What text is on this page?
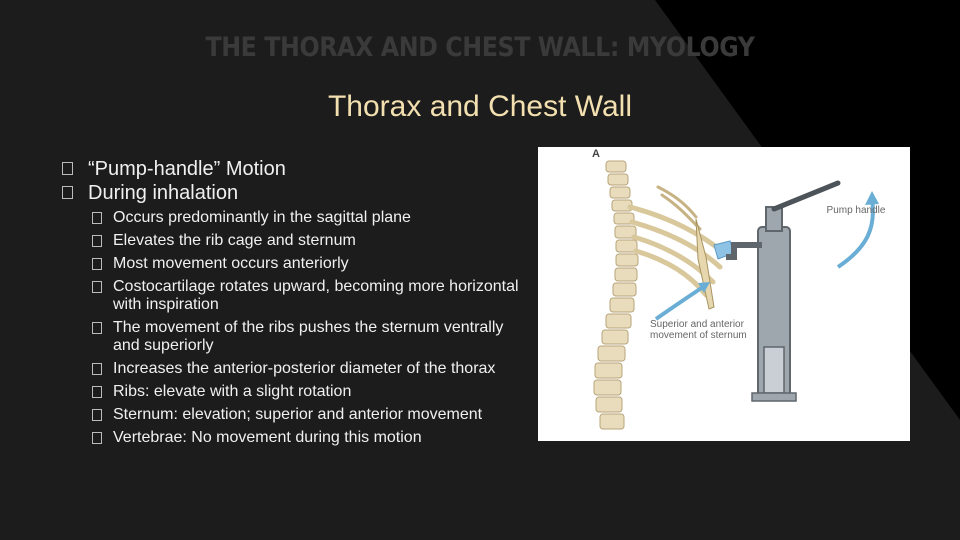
THE THORAX AND CHEST WALL: MYOLOGY
Thorax and Chest Wall
“Pump-handle” Motion
During inhalation
Occurs predominantly in the sagittal plane
Elevates the rib cage and sternum
Most movement occurs anteriorly
Costocartilage rotates upward, becoming more horizontal with inspiration
The movement of the ribs pushes the sternum ventrally and superiorly
Increases the anterior-posterior diameter of the thorax
Ribs: elevate with a slight rotation
Sternum: elevation; superior and anterior movement
Vertebrae: No movement during this motion
A
Pump handle
Superior and anterior movement of sternum
